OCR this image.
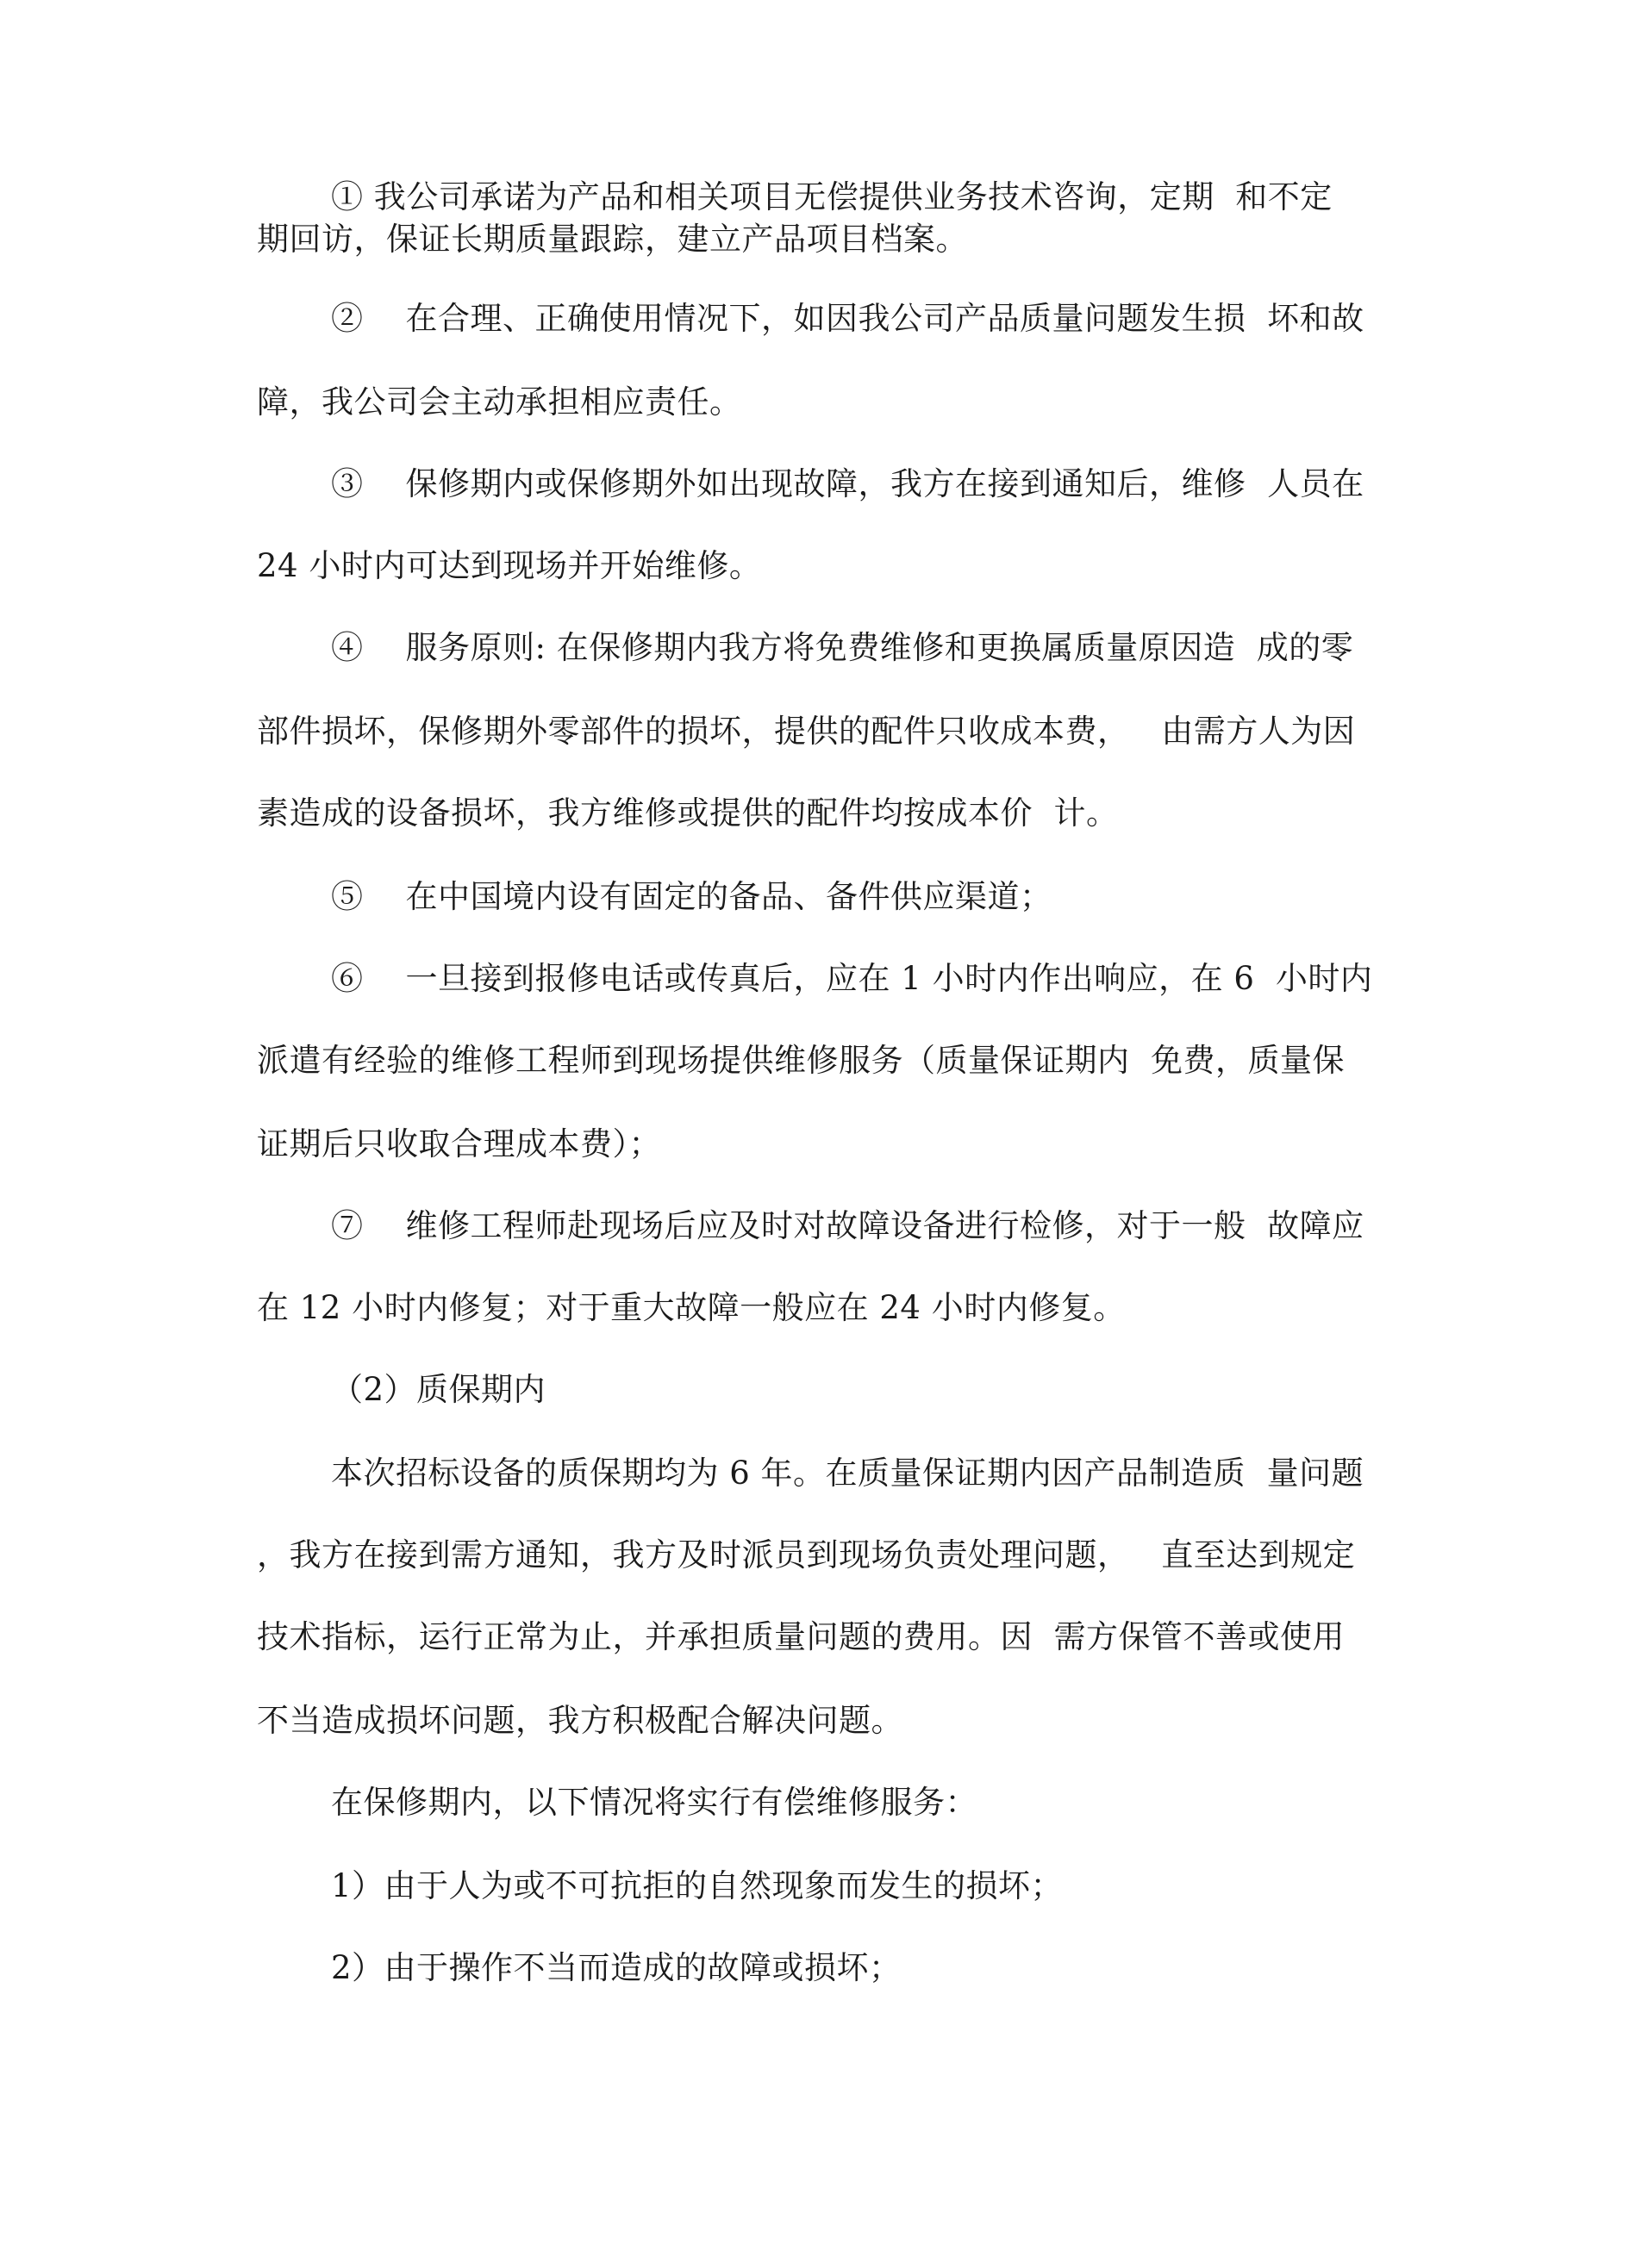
① 我公司承诺为产品和相关项目无偿提供业务技术咨询，定期  和不定
期回访，保证长期质量跟踪，建立产品项目档案。
②    在合理、正确使用情况下，如因我公司产品质量问题发生损  坏和故
障，我公司会主动承担相应责任。
③    保修期内或保修期外如出现故障，我方在接到通知后，维修  人员在
24 小时内可达到现场并开始维修。
④    服务原则: 在保修期内我方将免费维修和更换属质量原因造  成的零
部件损坏，保修期外零部件的损坏，提供的配件只收成本费，   由需方人为因
素造成的设备损坏，我方维修或提供的配件均按成本价  计。
⑤    在中国境内设有固定的备品、备件供应渠道；
⑥    一旦接到报修电话或传真后，应在 1 小时内作出响应，在 6  小时内
派遣有经验的维修工程师到现场提供维修服务（质量保证期内  免费，质量保
证期后只收取合理成本费）；
⑦    维修工程师赴现场后应及时对故障设备进行检修，对于一般  故障应
在 12 小时内修复；对于重大故障一般应在 24 小时内修复。
（2）质保期内
本次招标设备的质保期均为 6 年。在质量保证期内因产品制造质  量问题
，我方在接到需方通知，我方及时派员到现场负责处理问题，   直至达到规定
技术指标，运行正常为止，并承担质量问题的费用。因  需方保管不善或使用
不当造成损坏问题，我方积极配合解决问题。
在保修期内，以下情况将实行有偿维修服务：
1）由于人为或不可抗拒的自然现象而发生的损坏；
2）由于操作不当而造成的故障或损坏；
